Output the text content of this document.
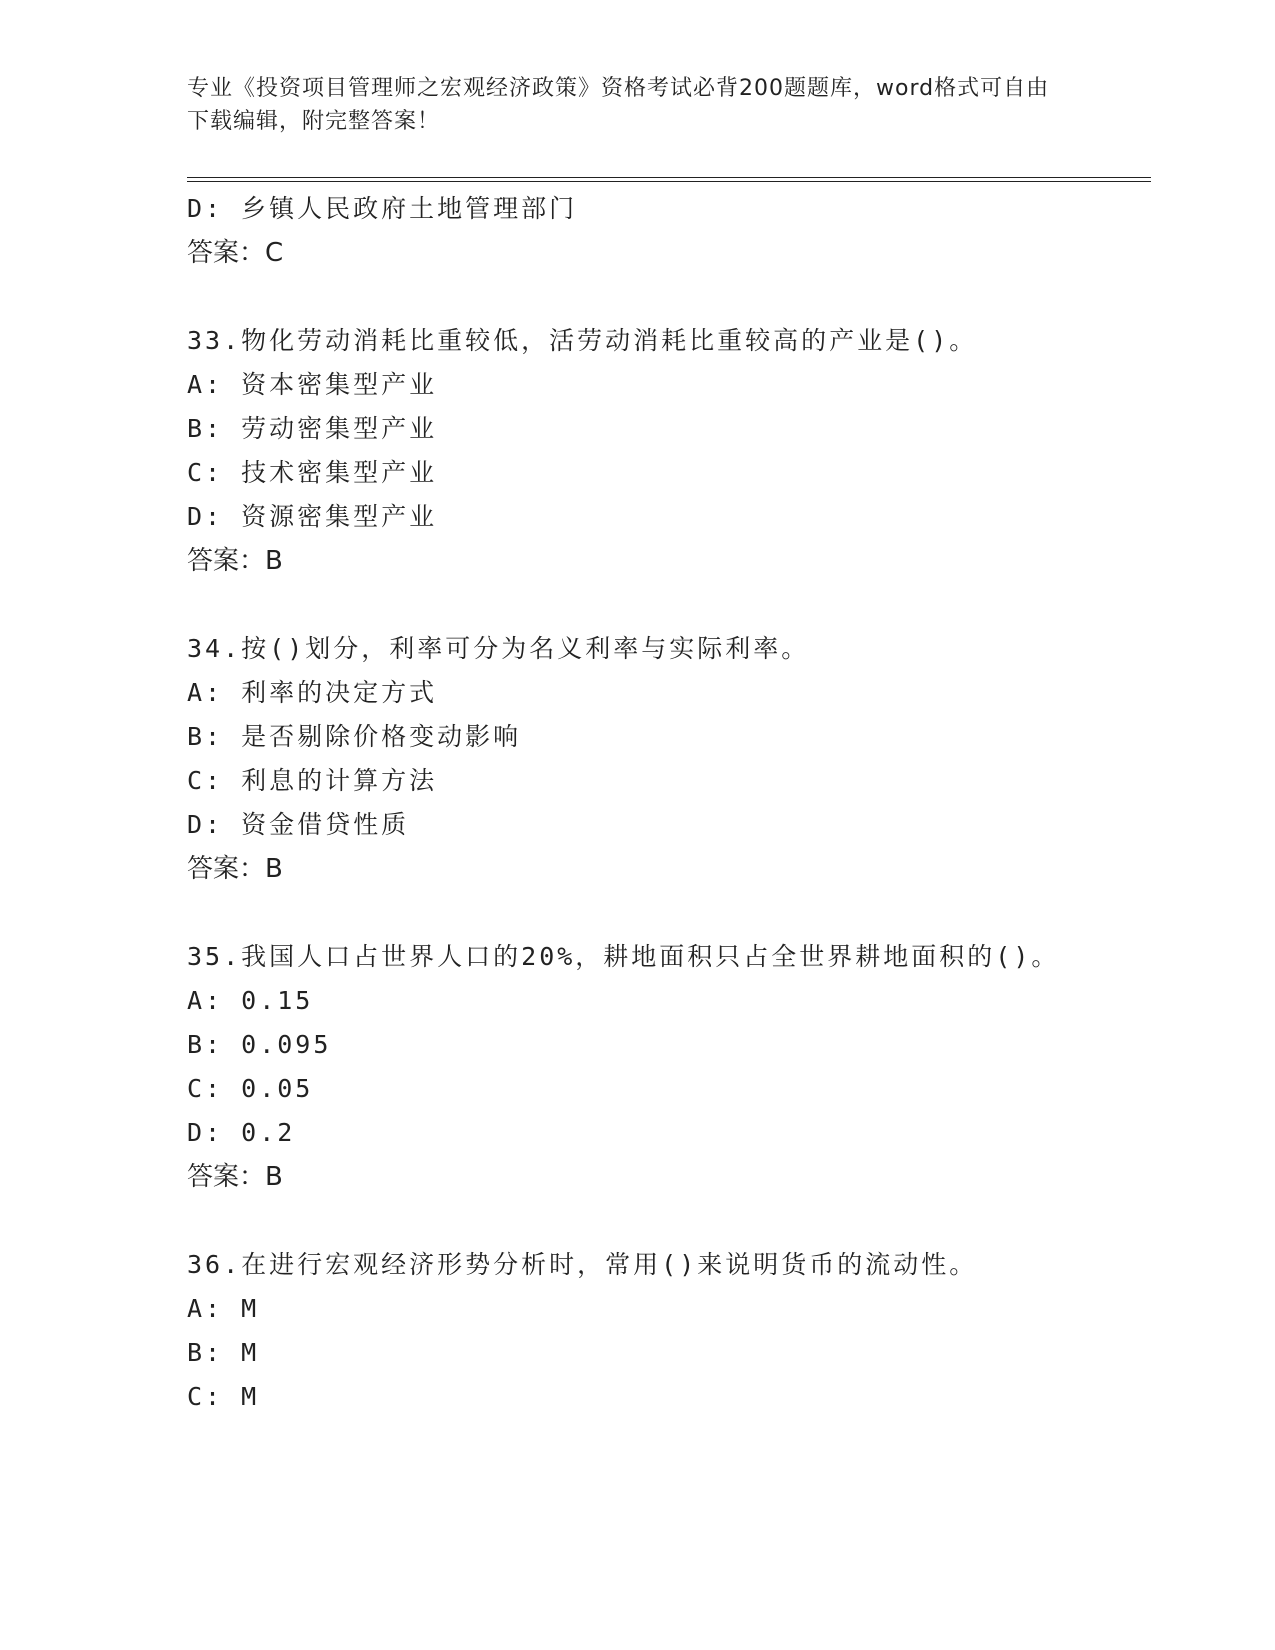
专业《投资项目管理师之宏观经济政策》资格考试必背200题题库，word格式可自由下载编辑，附完整答案！
D: 乡镇人民政府土地管理部门
答案：C
33.物化劳动消耗比重较低，活劳动消耗比重较高的产业是()。
A: 资本密集型产业
B: 劳动密集型产业
C: 技术密集型产业
D: 资源密集型产业
答案：B
34.按()划分，利率可分为名义利率与实际利率。
A: 利率的决定方式
B: 是否剔除价格变动影响
C: 利息的计算方法
D: 资金借贷性质
答案：B
35.我国人口占世界人口的20%，耕地面积只占全世界耕地面积的()。
A: 0.15
B: 0.095
C: 0.05
D: 0.2
答案：B
36.在进行宏观经济形势分析时，常用()来说明货币的流动性。
A: M
B: M
C: M
